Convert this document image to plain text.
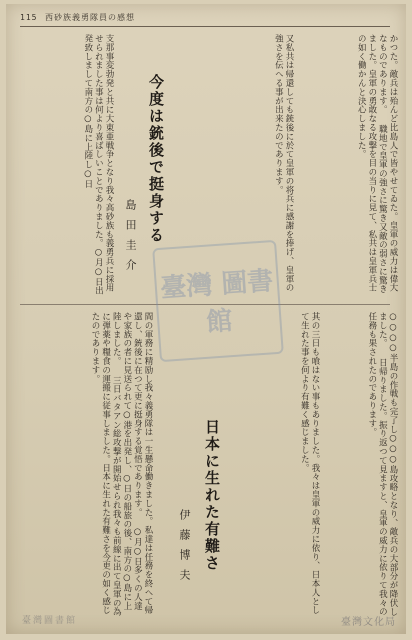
115 西砂族義勇隊員の感想
かつた。敵兵は殆んど比島人で皆やせてゐた。皇軍の威力は偉大なものであります。 職地で皇軍の強さに驚き又敵の弱さに驚きました。皇軍の勇敢なる攻撃を目の当りに見て、私共は皇軍兵士の如く働かんと決心しました。
又私共は帰還しても銃後に於て皇軍の将兵に感謝を捧げ、皇軍の強さを伝へる事が出来たのであります。
今度は銃後で挺身する
島田圭介
支那事変勃発と共に大東亜戦争となり我々高砂族も義勇兵に採用せられました事は何より喜ばしいことでありました。○月○日出発致しまして南方の○島に上陸し○日
○○○○半島の作戦も完了し○○○島攻略となり、敵兵の大部分が降伏しました。 日帰りました。振り返つて見ますと、皇軍の威力に依りて我々の任務も果されたのであります。
其の三日も喰はない事もありました。我々は皇軍の威力に依り、日本人として生れた事を何より有難く感じました。
日本に生れた有難さ
伊藤博夫
間の軍務に精励し我々義勇隊は一生懸命働きました。私達は任務を終へて帰還し、銃後に在つて更に挺身する覚悟であります。 ○月○日多くの人達や家族の者に見送られて○港を出発し、○日の船旅の後、南方の○島に上陸しました。 三日バタアン総攻撃が開始せられ我々も前線に出て皇軍の為に弾薬や糧食の運搬に従事しました。日本に生れた有難さを今更の如く感じたのであります。
臺灣 圖書館
臺灣文化局
臺灣圖書館
